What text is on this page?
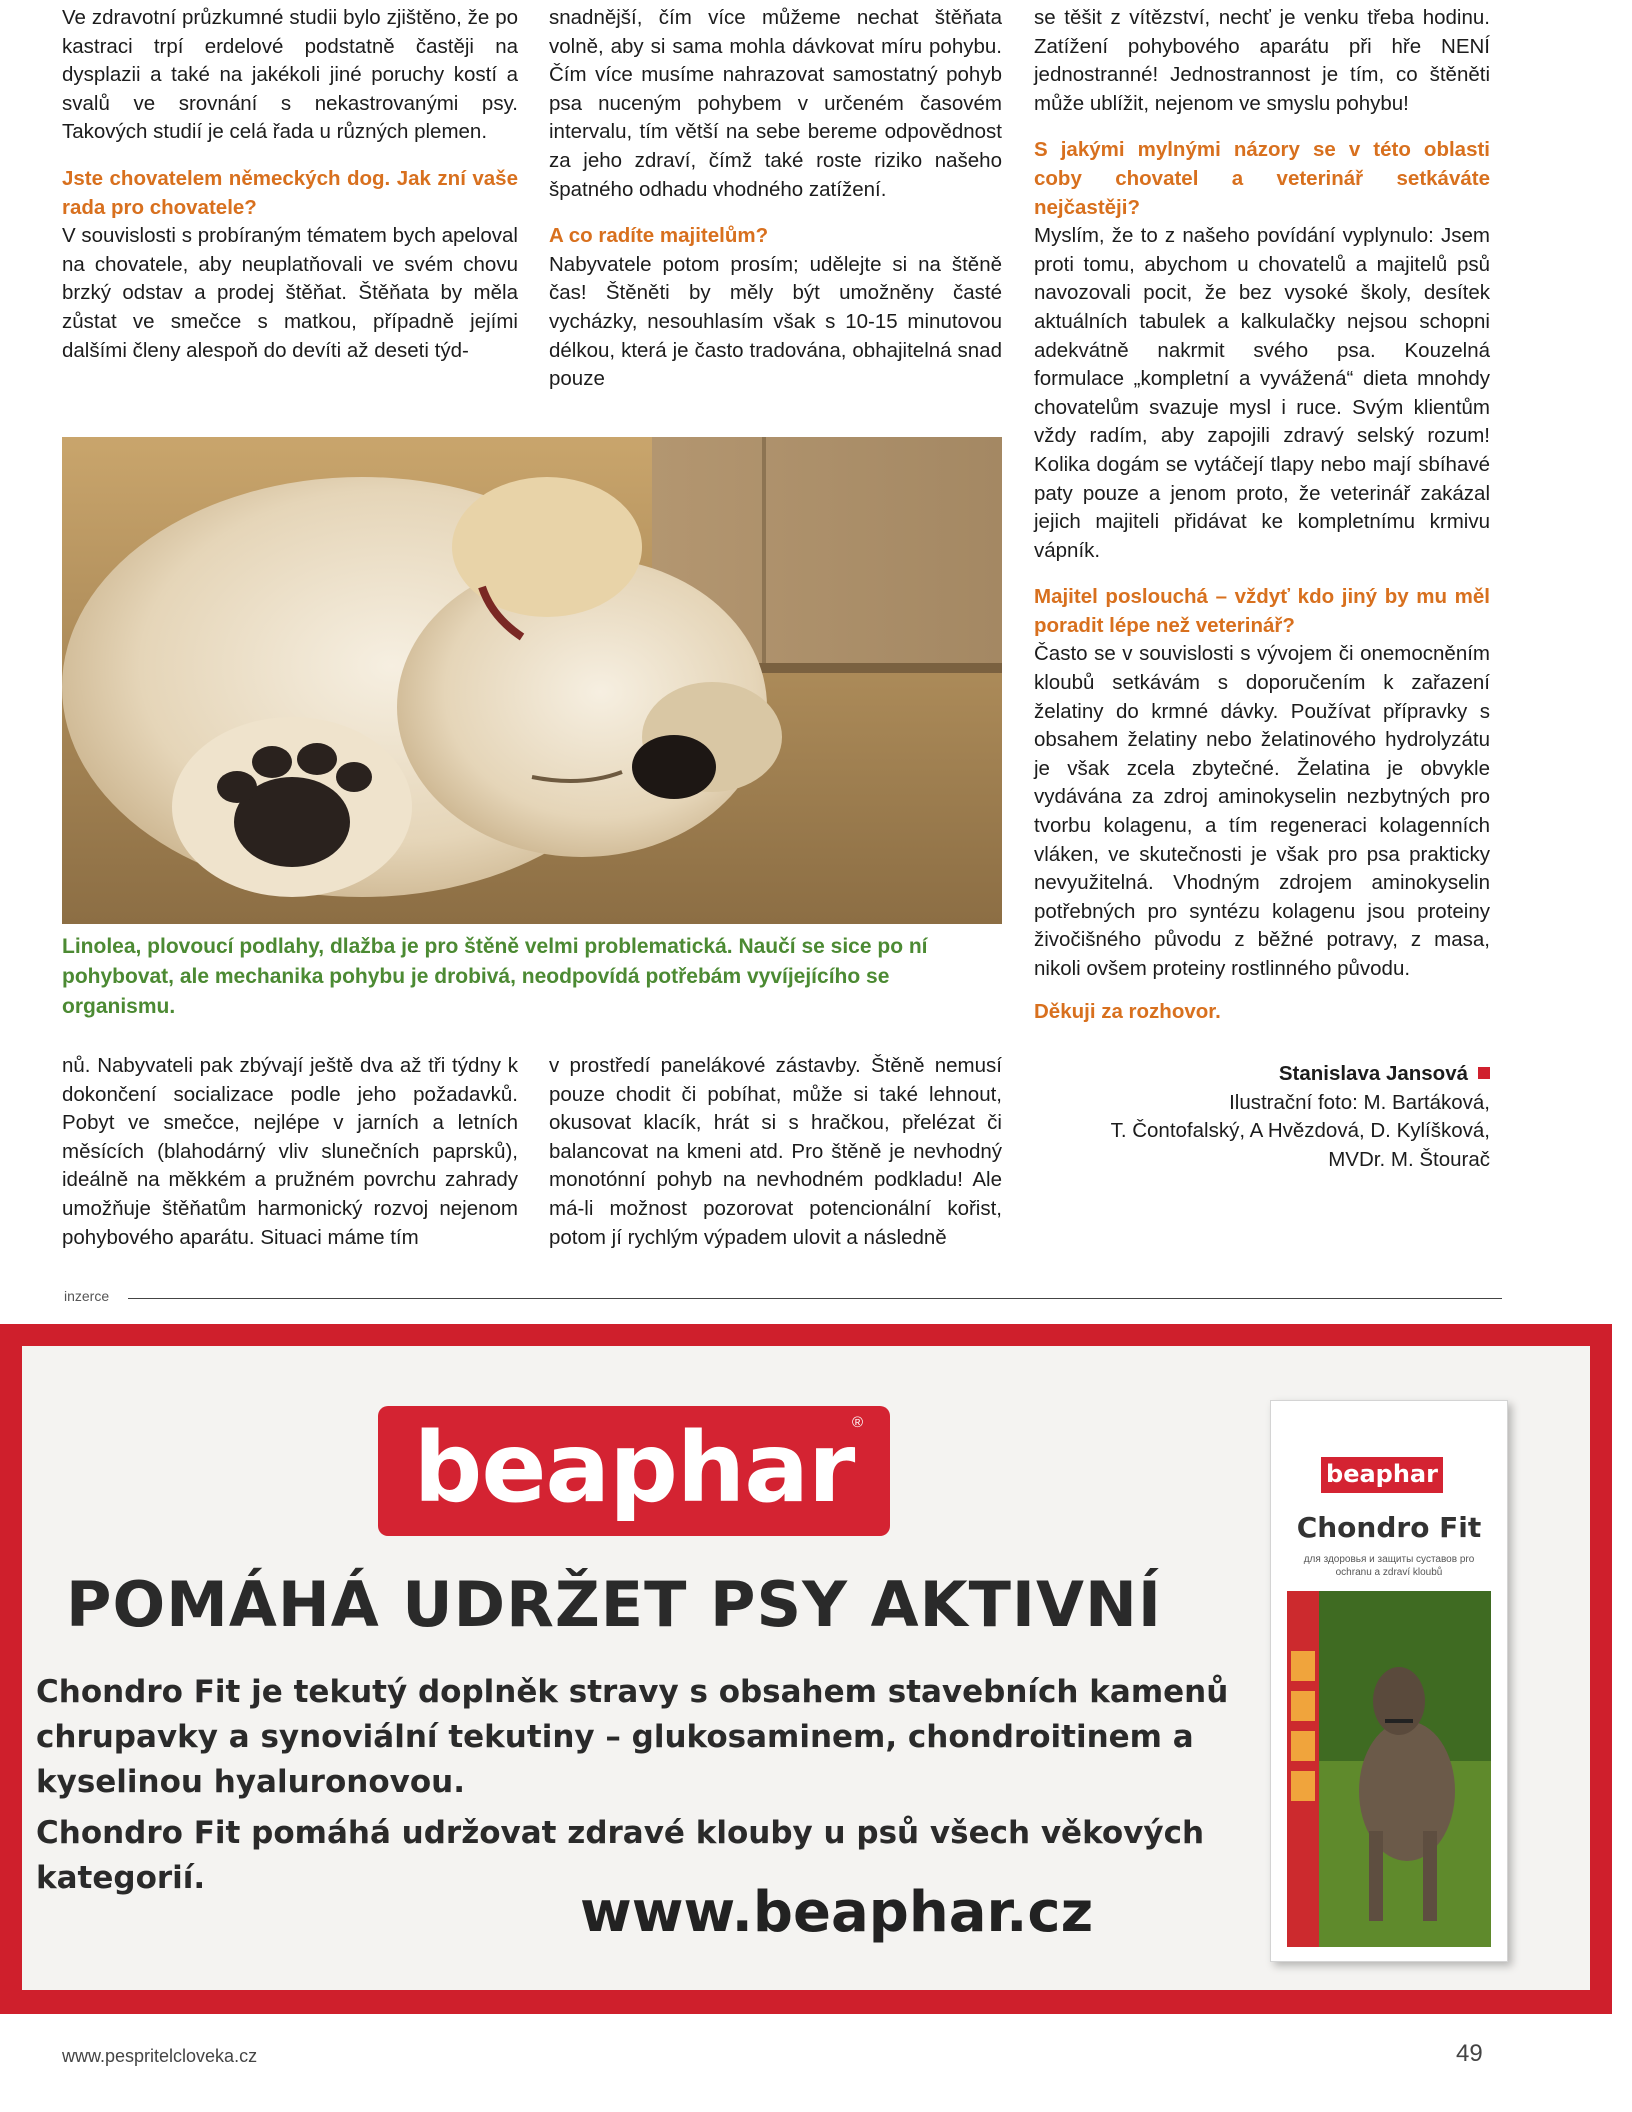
Ve zdravotní průzkumné studii bylo zjištěno, že po kastraci trpí erdelové podstatně častěji na dysplazii a také na jakékoli jiné poruchy kostí a svalů ve srovnání s nekastrovanými psy. Takových studií je celá řada u různých plemen.

Jste chovatelem německých dog. Jak zní vaše rada pro chovatele?

V souvislosti s probíraným tématem bych apeloval na chovatele, aby neuplatňovali ve svém chovu brzký odstav a prodej štěňat. Štěňata by měla zůstat ve smečce s matkou, případně jejími dalšími členy alespoň do devíti až deseti týd-

snadnější, čím více můžeme nechat štěňata volně, aby si sama mohla dávkovat míru pohybu. Čím více musíme nahrazovat samostatný pohyb psa nuceným pohybem v určeném časovém intervalu, tím větší na sebe bereme odpovědnost za jeho zdraví, čímž také roste riziko našeho špatného odhadu vhodného zatížení.

A co radíte majitelům?

Nabyvatele potom prosím; udělejte si na štěně čas! Štěněti by měly být umožněny časté vycházky, nesouhlasím však s 10-15 minutovou délkou, která je často tradována, obhajitelná snad pouze

se těšit z vítězství, nechť je venku třeba hodinu. Zatížení pohybového aparátu při hře NENÍ jednostranné! Jednostrannost je tím, co štěněti může ublížit, nejenom ve smyslu pohybu!

S jakými mylnými názory se v této oblasti coby chovatel a veterinář setkáváte nejčastěji?

Myslím, že to z našeho povídání vyplynulo: Jsem proti tomu, abychom u chovatelů a majitelů psů navozovali pocit, že bez vysoké školy, desítek aktuálních tabulek a kalkulačky nejsou schopni adekvátně nakrmit svého psa. Kouzelná formulace „kompletní a vyvážená“ dieta mnohdy chovatelům svazuje mysl i ruce. Svým klientům vždy radím, aby zapojili zdravý selský rozum! Kolika dogám se vytáčejí tlapy nebo mají sbíhavé paty pouze a jenom proto, že veterinář zakázal jejich majiteli přidávat ke kompletnímu krmivu vápník.

Majitel poslouchá – vždyť kdo jiný by mu měl poradit lépe než veterinář?

Často se v souvislosti s vývojem či onemocněním kloubů setkávám s doporučením k zařazení želatiny do krmné dávky. Používat přípravky s obsahem želatiny nebo želatinového hydrolyzátu je však zcela zbytečné. Želatina je obvykle vydávána za zdroj aminokyselin nezbytných pro tvorbu kolagenu, a tím regeneraci kolagenních vláken, ve skutečnosti je však pro psa prakticky nevyužitelná. Vhodným zdrojem aminokyselin potřebných pro syntézu kolagenu jsou proteiny živočišného původu z běžné potravy, z masa, nikoli ovšem proteiny rostlinného původu.

Děkuji za rozhovor.

Stanislava Jansová
Ilustrační foto: M. Bartáková,
T. Čontofalský, A Hvězdová, D. Kylíšková,
MVDr. M. Štourač
Linolea, plovoucí podlahy, dlažba je pro štěně velmi problematická. Naučí se sice po ní pohybovat, ale mechanika pohybu je drobivá, neodpovídá potřebám vyvíjejícího se organismu.

nů. Nabyvateli pak zbývají ještě dva až tři týdny k dokončení socializace podle jeho požadavků. Pobyt ve smečce, nejlépe v jarních a letních měsících (blahodárný vliv slunečních paprsků), ideálně na měkkém a pružném povrchu zahrady umožňuje štěňatům harmonický rozvoj nejenom pohybového aparátu. Situaci máme tím

v prostředí panelákové zástavby. Štěně nemusí pouze chodit či pobíhat, může si také lehnout, okusovat klacík, hrát si s hračkou, přelézat či balancovat na kmeni atd. Pro štěně je nevhodný monotónní pohyb na nevhodném podkladu! Ale má-li možnost pozorovat potencionální kořist, potom jí rychlým výpadem ulovit a následně

inzerce
beaphar
®
POMÁHÁ UDRŽET PSY AKTIVNÍ

Chondro Fit je tekutý doplněk stravy s obsahem stavebních kamenů chrupavky a synoviální tekutiny – glukosaminem, chondroitinem a kyselinou hyaluronovou.

Chondro Fit pomáhá udržovat zdravé klouby u psů všech věkových kategorií.

www.beaphar.cz
beaphar
Chondro Fit
для здоровья и защиты суставов pro ochranu a zdraví kloubů
www.pespritelcloveka.cz	49
